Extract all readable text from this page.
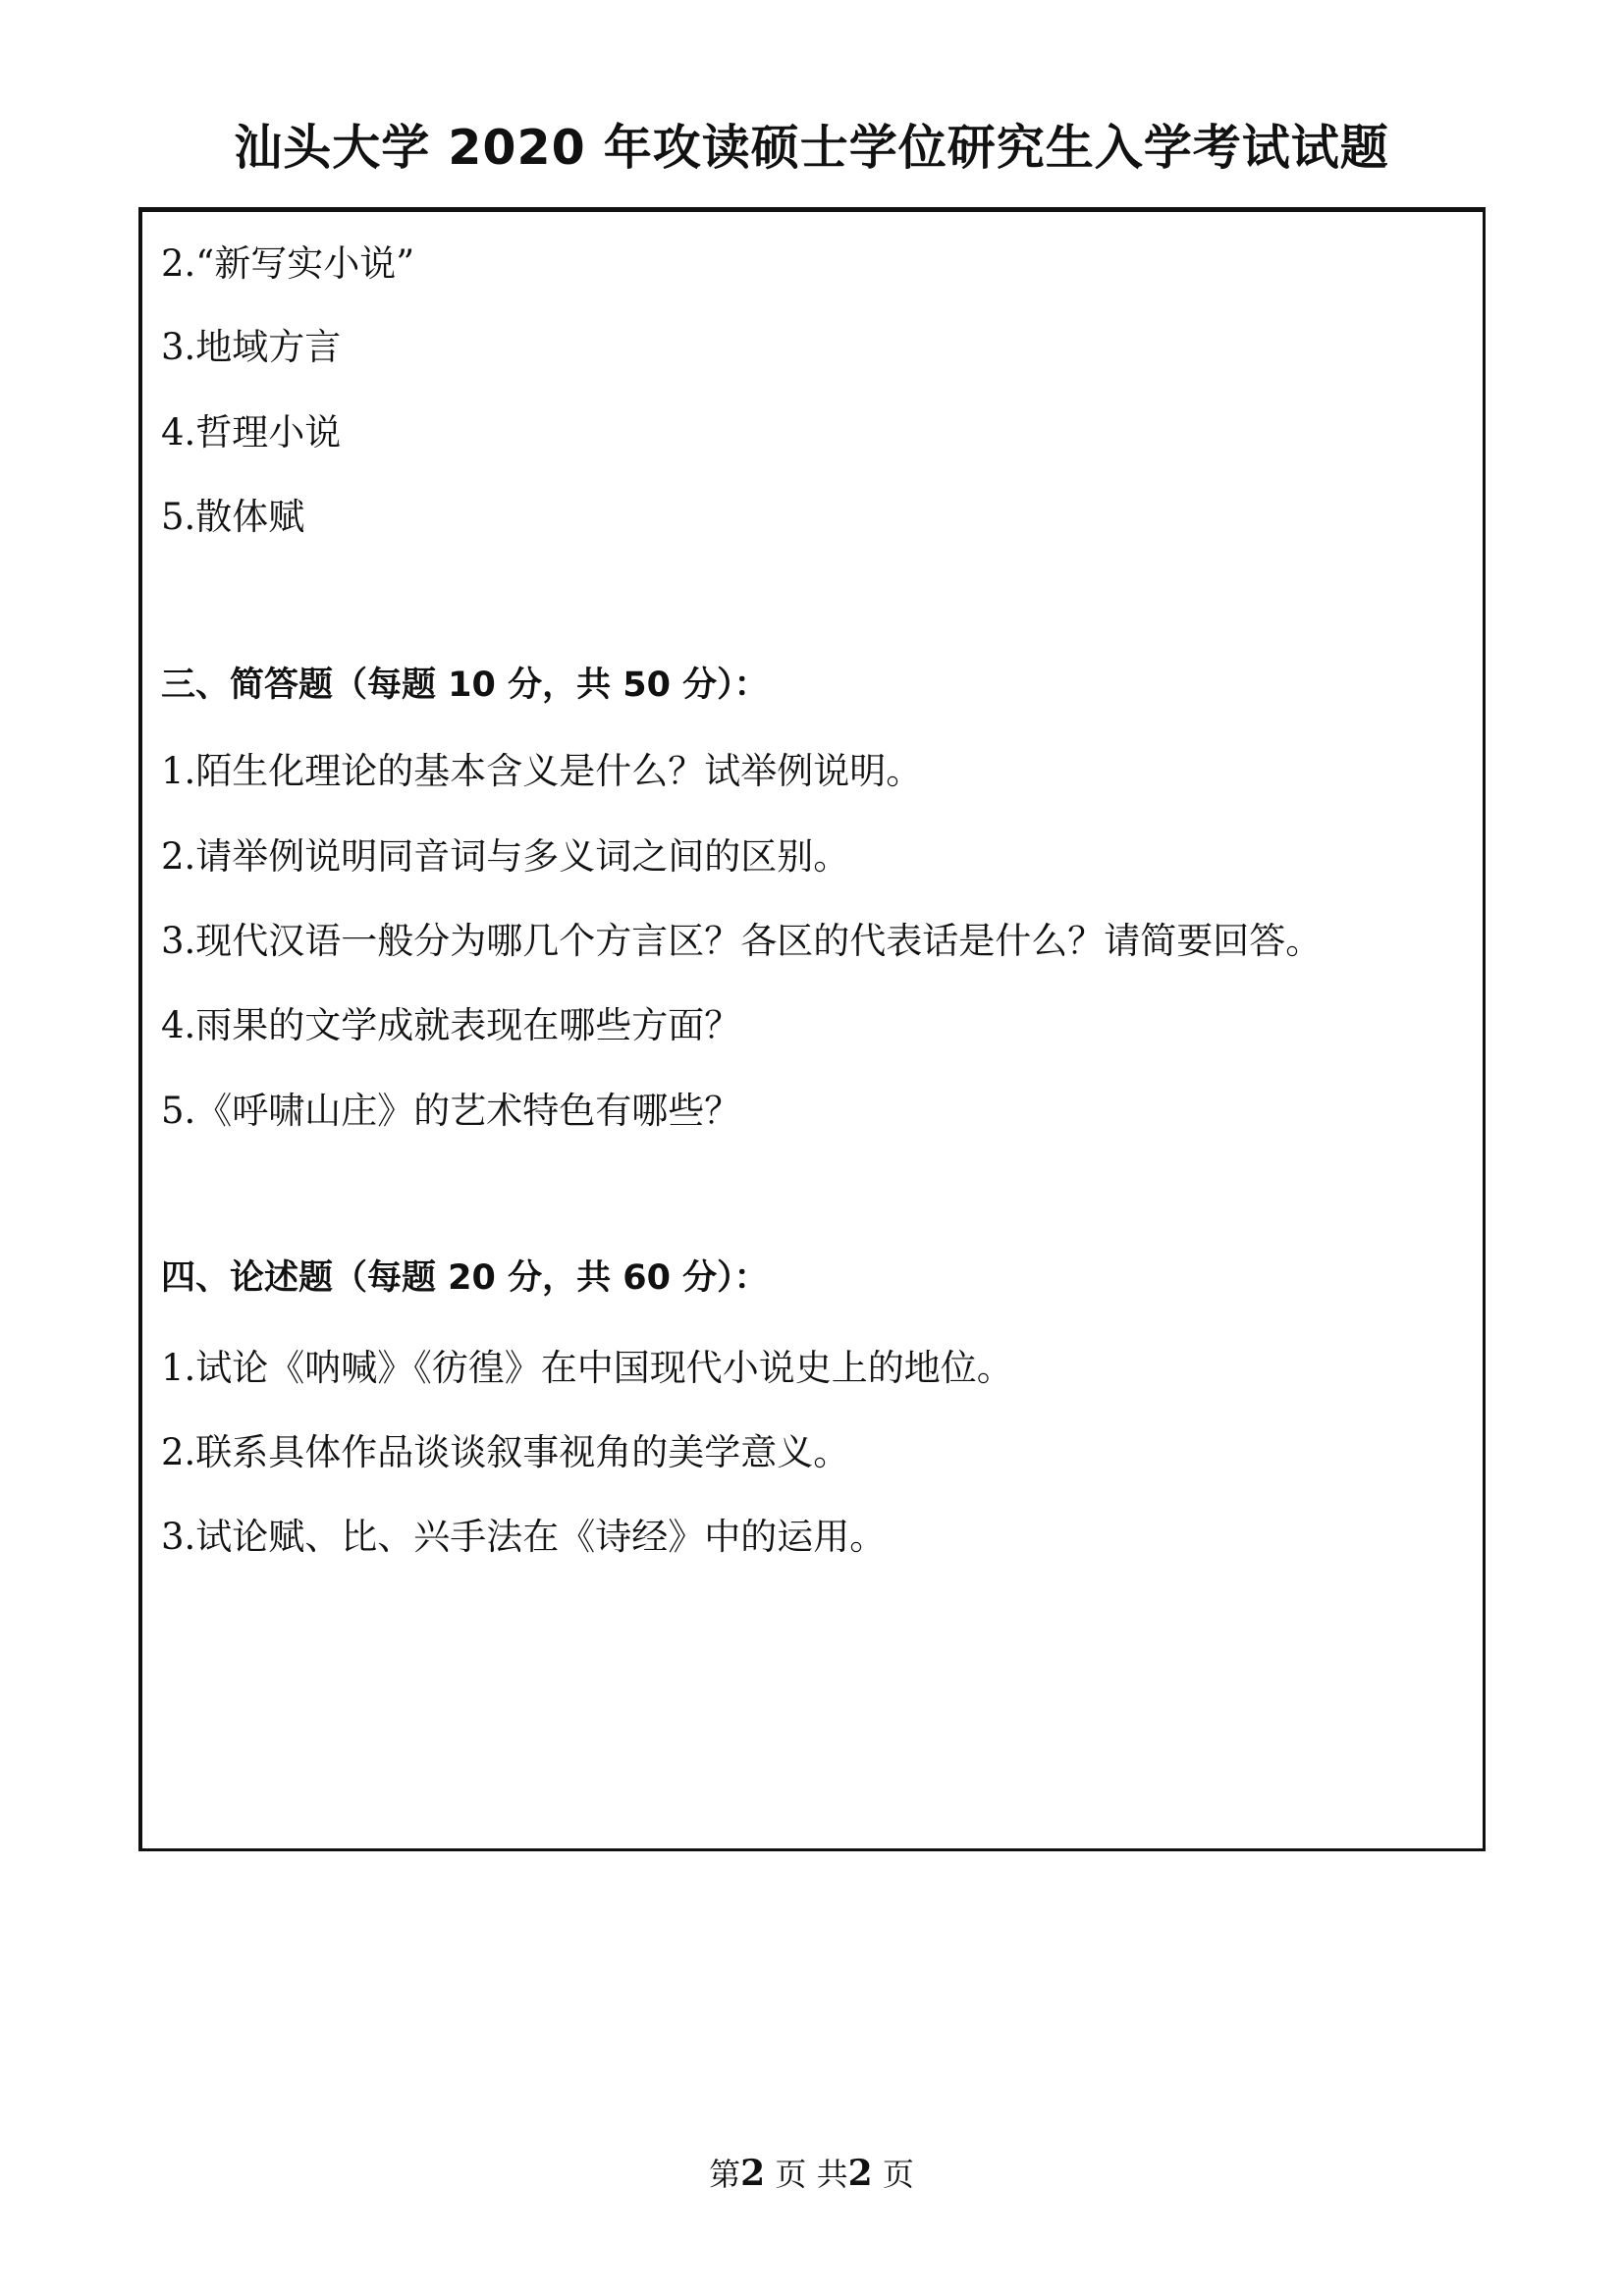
汕头大学 2020 年攻读硕士学位研究生入学考试试题
2.“新写实小说”
3.地域方言
4.哲理小说
5.散体赋
三、简答题（每题 10 分，共 50 分）：
1.陌生化理论的基本含义是什么？试举例说明。
2.请举例说明同音词与多义词之间的区别。
3.现代汉语一般分为哪几个方言区？各区的代表话是什么？请简要回答。
4.雨果的文学成就表现在哪些方面？
5.《呼啸山庄》的艺术特色有哪些？
四、论述题（每题 20 分，共 60 分）：
1.试论《呐喊》《彷徨》在中国现代小说史上的地位。
2.联系具体作品谈谈叙事视角的美学意义。
3.试论赋、比、兴手法在《诗经》中的运用。
第2 页 共2 页
